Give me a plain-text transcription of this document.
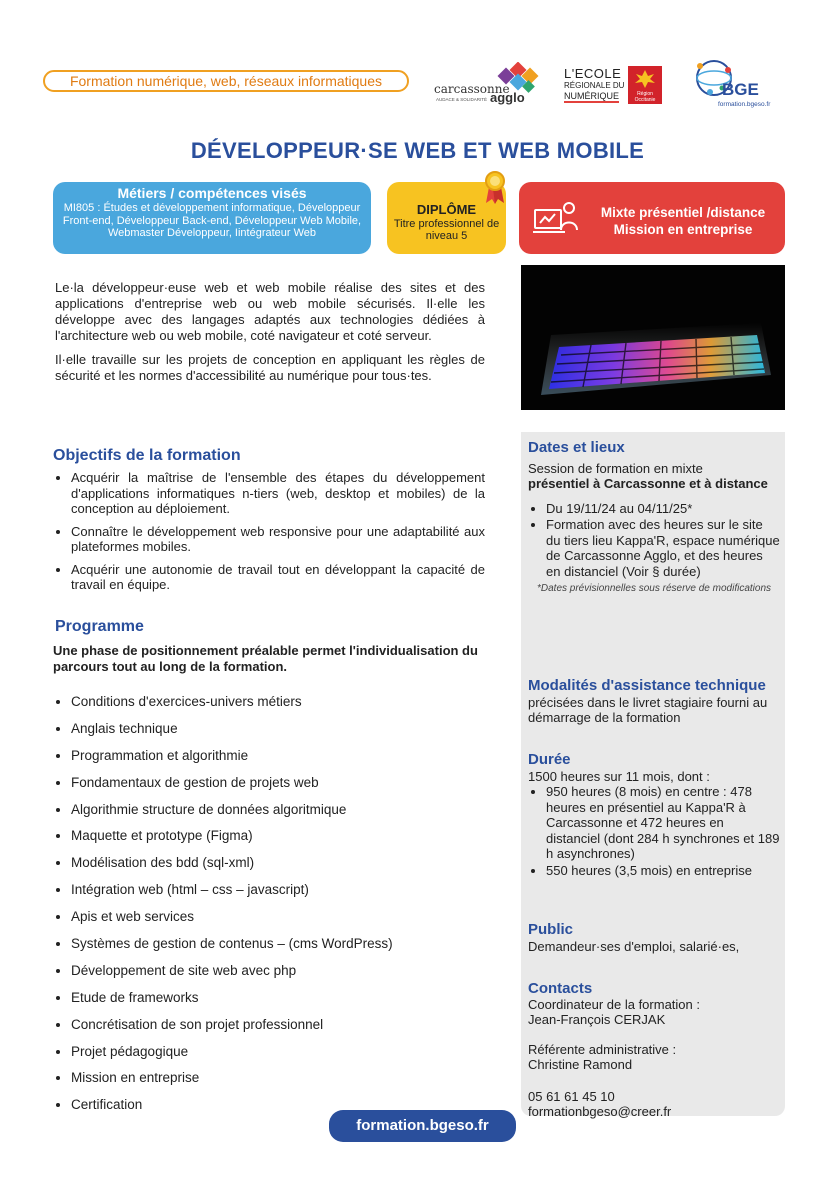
Formation numérique, web, réseaux informatiques	carcassonne
AUDACE & SOLIDARITÉ agglo
L'ECOLE
RÉGIONALE DU
NUMÉRIQUE	Région Occitanie
BGE
formation.bgeso.fr
DÉVELOPPEUR·SE WEB ET WEB MOBILE
Métiers / compétences visés

MI805 : Études et développement informatique, Développeur Front-end, Développeur Back-end, Développeur Web Mobile, Webmaster Développeur, Iintégrateur Web

DIPLÔME

Titre professionnel de niveau 5

Mixte présentiel /distance
Mission en entreprise

Le·la développeur·euse web et web mobile réalise des sites et des applications d'entreprise web ou web mobile sécurisés. Il·elle les développe avec des langages adaptés aux technologies dédiées à l'architecture web ou web mobile, coté navigateur et coté serveur.

Il·elle travaille sur les projets de conception en appliquant les règles de sécurité et les normes d'accessibilité au numérique pour tous·tes.

Objectifs de la formation
• Acquérir la maîtrise de l'ensemble des étapes du développement d'applications informatiques n-tiers (web, desktop et mobiles) de la conception au déploiement.
• Connaître le développement web responsive pour une adaptabilité aux plateformes mobiles.
• Acquérir une autonomie de travail tout en développant la capacité de travail en équipe.
Programme
Une phase de positionnement préalable permet l'individualisation du parcours tout au long de la formation.
• Conditions d'exercices-univers métiers
• Anglais technique
• Programmation et algorithmie
• Fondamentaux de gestion de projets web
• Algorithmie structure de données algoritmique
• Maquette et prototype (Figma)
• Modélisation des bdd (sql-xml)
• Intégration web (html – css – javascript)
• Apis et web services
• Systèmes de gestion de contenus – (cms WordPress)
• Développement de site web avec php
• Etude de frameworks
• Concrétisation de son projet professionnel
• Projet pédagogique
• Mission en entreprise
• Certification
Dates et lieux
Session de formation en mixte
présentiel à Carcassonne et à distance
• Du 19/11/24 au 04/11/25*
• Formation avec des heures sur le site du tiers lieu Kappa'R, espace numérique de Carcassonne Agglo, et des heures en distanciel (Voir § durée)
*Dates prévisionnelles sous réserve de modifications
Modalités d'assistance technique
précisées dans le livret stagiaire fourni au démarrage de la formation
Durée
1500 heures sur 11 mois, dont :
• 950 heures (8 mois) en centre : 478 heures en présentiel au Kappa'R à Carcassonne et 472 heures en distanciel (dont 284 h synchrones et 189 h asynchrones)
• 550 heures (3,5 mois) en entreprise
Public
Demandeur·ses d'emploi, salarié·es,
Contacts
Coordinateur de la formation :
Jean-François CERJAK
Référente administrative :
Christine Ramond
05 61 61 45 10
formationbgeso@creer.fr
formation.bgeso.fr
